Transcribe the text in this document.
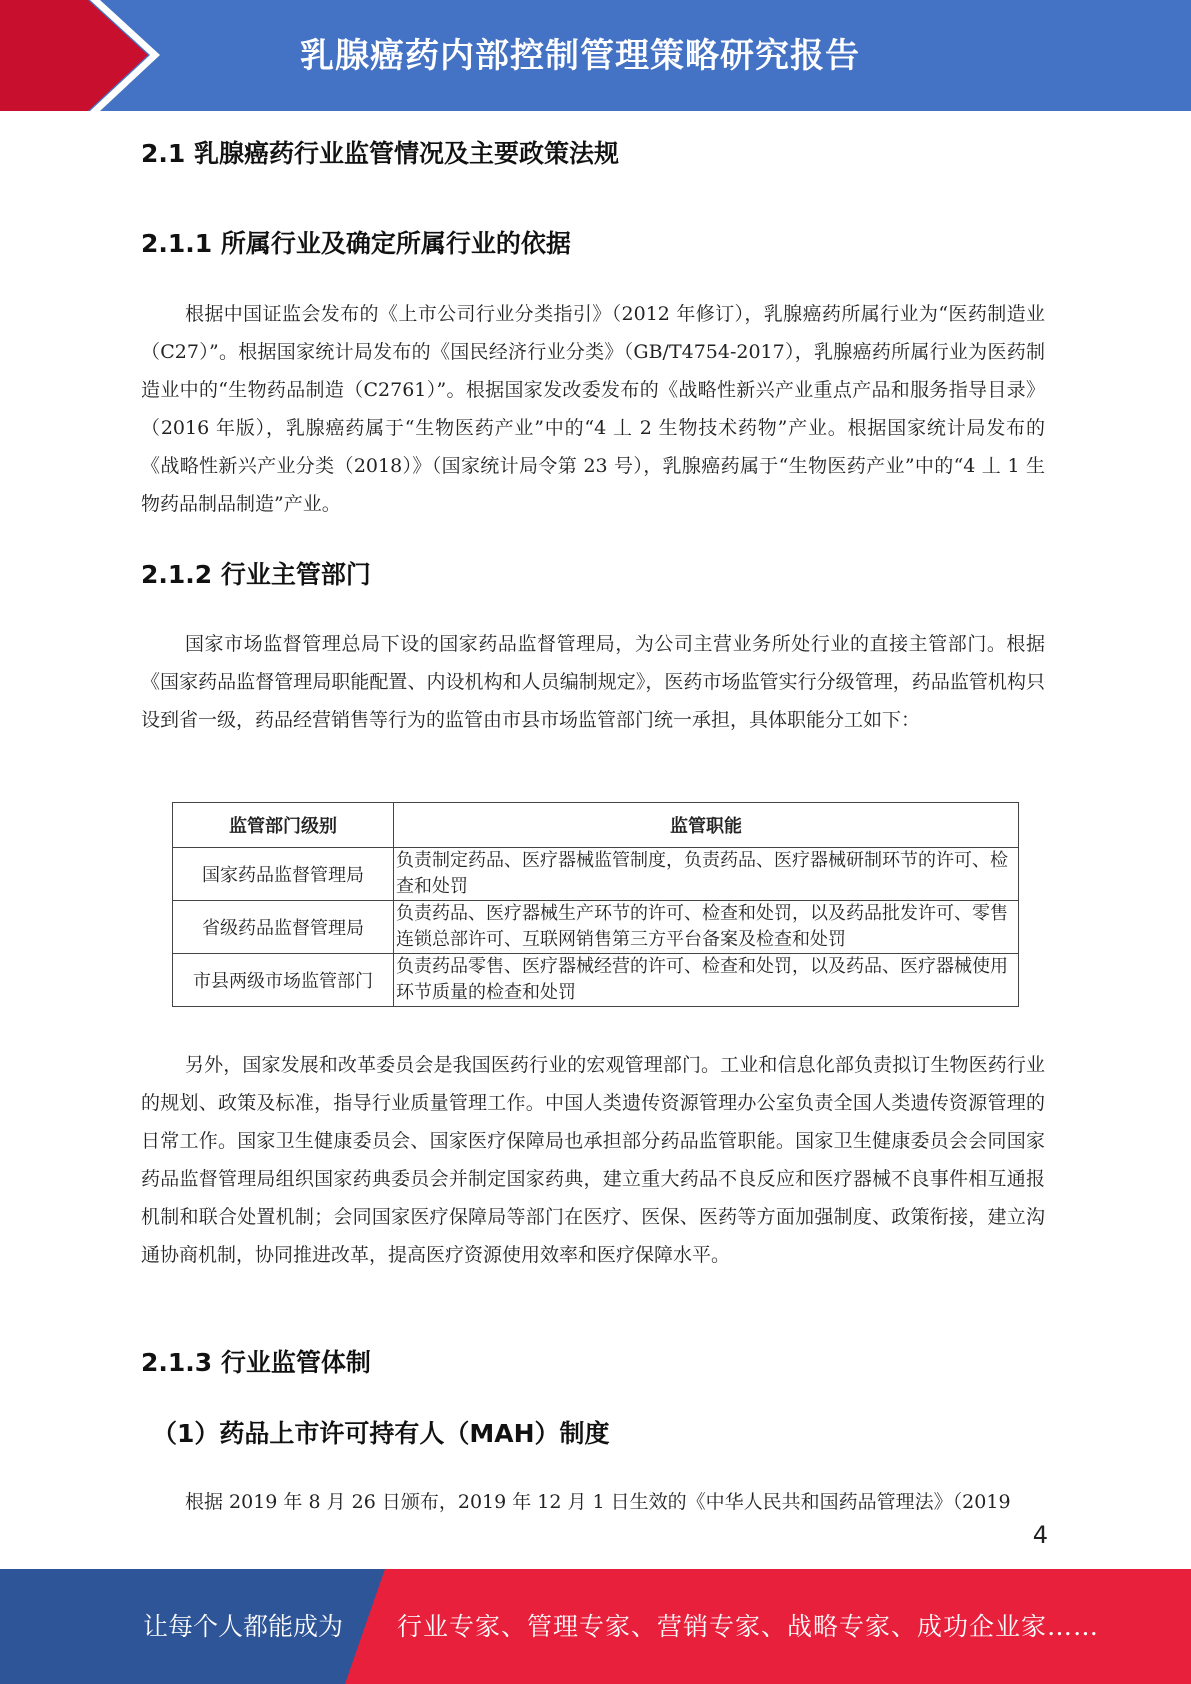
乳腺癌药内部控制管理策略研究报告
2.1 乳腺癌药行业监管情况及主要政策法规
2.1.1 所属行业及确定所属行业的依据

根据中国证监会发布的《上市公司行业分类指引》（2012 年修订），乳腺癌药所属行业为“医药制造业（C27）”。根据国家统计局发布的《国民经济行业分类》（GB/T4754-2017），乳腺癌药所属行业为医药制造业中的“生物药品制造（C2761）”。根据国家发改委发布的《战略性新兴产业重点产品和服务指导目录》（2016 年版），乳腺癌药属于“生物医药产业”中的“4 丄 2 生物技术药物”产业。根据国家统计局发布的《战略性新兴产业分类（2018）》（国家统计局令第 23 号），乳腺癌药属于“生物医药产业”中的“4 丄 1 生物药品制品制造”产业。

2.1.2 行业主管部门

国家市场监督管理总局下设的国家药品监督管理局，为公司主营业务所处行业的直接主管部门。根据《国家药品监督管理局职能配置、内设机构和人员编制规定》，医药市场监管实行分级管理，药品监管机构只设到省一级，药品经营销售等行为的监管由市县市场监管部门统一承担，具体职能分工如下：

监管部门级别	监管职能
国家药品监督管理局	负责制定药品、医疗器械监管制度，负责药品、医疗器械研制环节的许可、检查和处罚
省级药品监督管理局	负责药品、医疗器械生产环节的许可、检查和处罚，以及药品批发许可、零售连锁总部许可、互联网销售第三方平台备案及检查和处罚
市县两级市场监管部门	负责药品零售、医疗器械经营的许可、检查和处罚，以及药品、医疗器械使用环节质量的检查和处罚

另外，国家发展和改革委员会是我国医药行业的宏观管理部门。工业和信息化部负责拟订生物医药行业的规划、政策及标准，指导行业质量管理工作。中国人类遗传资源管理办公室负责全国人类遗传资源管理的日常工作。国家卫生健康委员会、国家医疗保障局也承担部分药品监管职能。国家卫生健康委员会会同国家药品监督管理局组织国家药典委员会并制定国家药典，建立重大药品不良反应和医疗器械不良事件相互通报机制和联合处置机制；会同国家医疗保障局等部门在医疗、医保、医药等方面加强制度、政策衔接，建立沟通协商机制，协同推进改革，提高医疗资源使用效率和医疗保障水平。

2.1.3 行业监管体制
（1）药品上市许可持有人（MAH）制度

根据 2019 年 8 月 26 日颁布，2019 年 12 月 1 日生效的《中华人民共和国药品管理法》（2019

4
让每个人都能成为 行业专家、管理专家、营销专家、战略专家、成功企业家……
